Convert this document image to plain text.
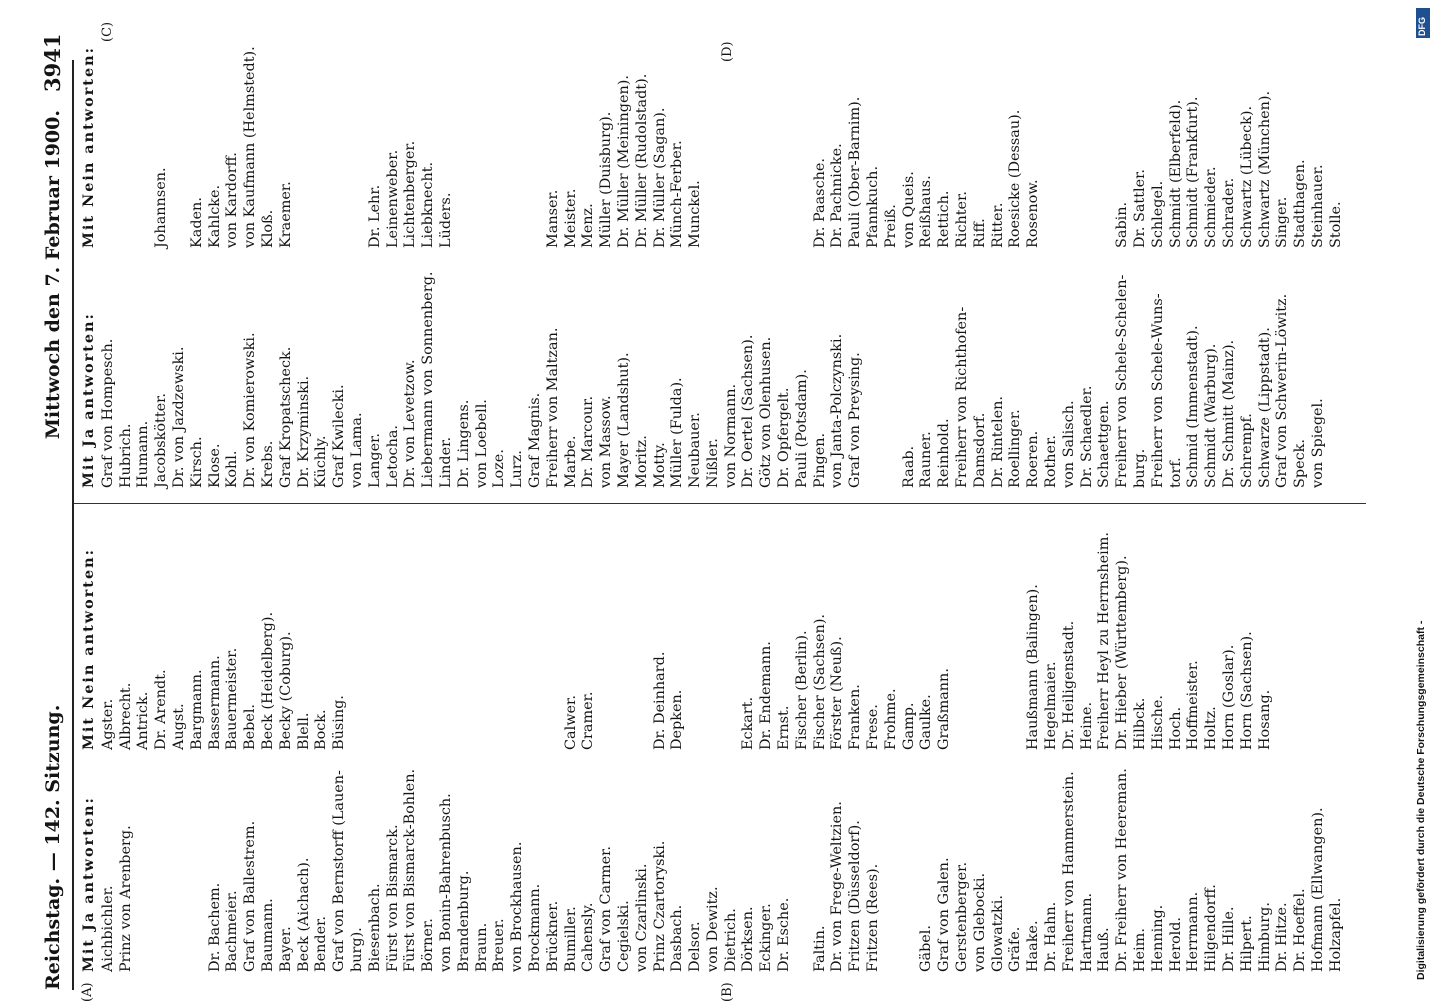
Reichstag. — 142. Sitzung.
Mittwoch den 7. Februar 1900.
3941
(A)	(B)
(C)
(D)
Mit Ja antworten: Aichbichler. Prinz von Arenberg.	Dr. Bachem. Bachmeier. Graf von Ballestrem. Baumann. Bayer. Beck (Aichach). Bender. Graf von Bernstorff (Lauen- burg). Biesenbach. Fürst von Bismarck. Fürst von Bismarck-Bohlen. Börner. von Bonin-Bahrenbusch. Brandenburg. Braun. Breuer. von Brockhausen. Brockmann. Brückner. Bumiller. Cahensly. Graf von Carmer. Cegielski. von Czarlinski. Prinz Czartoryski. Dasbach. Delsor. von Dewitz. Dietrich. Dörksen. Eckinger. Dr. Esche. Faltin. Dr. von Frege-Weltzien. Fritzen (Düsseldorf). Fritzen (Rees).	Gäbel. Graf von Galen. Gerstenberger. von Glebocki. Glowatzki. Gräfe. Haake. Dr. Hahn. Freiherr von Hammerstein. Hartmann. Hauß. Dr. Freiherr von Heereman. Heim. Henning. Herold. Herrmann. Hilgendorff. Dr. Hille. Hilpert. Himburg. Dr. Hitze. Dr. Hoeffel. Hofmann (Ellwangen). Holzapfel.
Mit Nein antworten: Agster. Albrecht. Antrick. Dr. Arendt. Augst. Bargmann. Bassermann. Bauermeister. Bebel. Beck (Heidelberg). Becky (Coburg). Blell. Bock. Büsing.	Calwer. Cramer.	Dr. Deinhard. Depken.	Eckart. Dr. Endemann. Ernst. Fischer (Berlin). Fischer (Sachsen). Förster (Neuß). Franken. Frese. Frohme. Gamp. Gaulke. Graßmann.	Haußmann (Balingen). Hegelmaier. Dr. Heiligenstadt. Heine. Freiherr Heyl zu Herrnsheim. Dr. Hieber (Württemberg). Hilbck. Hische. Hoch. Hoffmeister. Holtz. Horn (Goslar). Horn (Sachsen). Hosang.
Mit Ja antworten: Graf von Hompesch. Hubrich. Humann. Jacobskötter. Dr. von Jazdzewski. Kirsch. Klose. Kohl. Dr. von Komierowski. Krebs. Graf Kropatscheck. Dr. Krzyminski. Küchly. Graf Kwilecki. von Lama. Langer. Letocha. Dr. von Levetzow. Liebermann von Sonnenberg. Linder. Dr. Lingens. von Loebell. Loze. Lurz. Graf Magnis. Freiherr von Maltzan. Marbe. Dr. Marcour. von Massow. Mayer (Landshut). Moritz. Motty. Müller (Fulda). Neubauer. Nißler. von Normann. Dr. Oertel (Sachsen). Götz von Olenhusen. Dr. Opfergelt. Pauli (Potsdam). Pingen. von Janta-Polczynski. Graf von Preysing.	Raab. Rauner. Reinhold. Freiherr von Richthofen- Damsdorf. Dr. Rintelen. Roellinger. Roeren. Rother. von Salisch. Dr. Schaedler. Schaettgen. Freiherr von Schele-Schelen- burg. Freiherr von Schele-Wuns- torf. Schmid (Immenstadt). Schmidt (Warburg). Dr. Schmitt (Mainz). Schrempf. Schwarze (Lippstadt). Graf von Schwerin-Löwitz. Speck. von Spiegel.
Mit Nein antworten:	Johannsen. Kaden. Kahlcke. von Kardorff. von Kaufmann (Helmstedt). Kloß. Kraemer.	Dr. Lehr. Leinenweber. Lichtenberger. Liebknecht. Lüders.	Manser. Meister. Menz. Müller (Duisburg). Dr. Müller (Meiningen). Dr. Müller (Rudolstadt). Dr. Müller (Sagan). Münch-Ferber. Munckel.	Dr. Paasche. Dr. Pachnicke. Pauli (Ober-Barnim). Pfannkuch. Preiß. von Queis. Reißhaus. Rettich. Richter. Riff. Ritter. Roesicke (Dessau). Rosenow.	Sabin. Dr. Sattler. Schlegel. Schmidt (Elberfeld). Schmidt (Frankfurt). Schmieder. Schrader. Schwartz (Lübeck). Schwartz (München). Singer. Stadthagen. Steinhauer. Stolle.
Digitalisierung gefördert durch die Deutsche Forschungsgemeinschaft -
DFG
